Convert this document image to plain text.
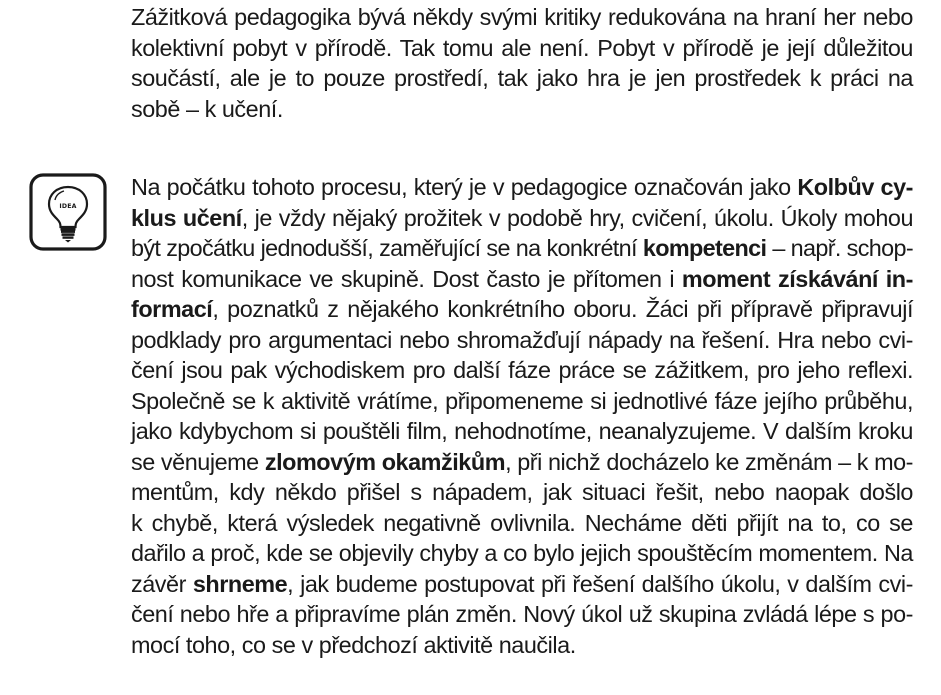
Zážitková pedagogika bývá někdy svými kritiky redukována na hraní her nebo
kolektivní pobyt v přírodě. Tak tomu ale není. Pobyt v přírodě je její důležitou
součástí, ale je to pouze prostředí, tak jako hra je jen prostředek k práci na
sobě – k učení.
IDEA
Na počátku tohoto procesu, který je v pedagogice označován jako Kolbův cy-
klus učení, je vždy nějaký prožitek v podobě hry, cvičení, úkolu. Úkoly mohou
být zpočátku jednodušší, zaměřující se na konkrétní kompetenci – např. schop-
nost komunikace ve skupině. Dost často je přítomen i moment získávání in-
formací, poznatků z nějakého konkrétního oboru. Žáci při přípravě připravují
podklady pro argumentaci nebo shromažďují nápady na řešení. Hra nebo cvi-
čení jsou pak východiskem pro další fáze práce se zážitkem, pro jeho reflexi.
Společně se k aktivitě vrátíme, připomeneme si jednotlivé fáze jejího průběhu,
jako kdybychom si pouštěli film, nehodnotíme, neanalyzujeme. V dalším kroku
se věnujeme zlomovým okamžikům, při nichž docházelo ke změnám – k mo-
mentům, kdy někdo přišel s nápadem, jak situaci řešit, nebo naopak došlo
k chybě, která výsledek negativně ovlivnila. Necháme děti přijít na to, co se
dařilo a proč, kde se objevily chyby a co bylo jejich spouštěcím momentem. Na
závěr shrneme, jak budeme postupovat při řešení dalšího úkolu, v dalším cvi-
čení nebo hře a připravíme plán změn. Nový úkol už skupina zvládá lépe s po-
mocí toho, co se v předchozí aktivitě naučila.
